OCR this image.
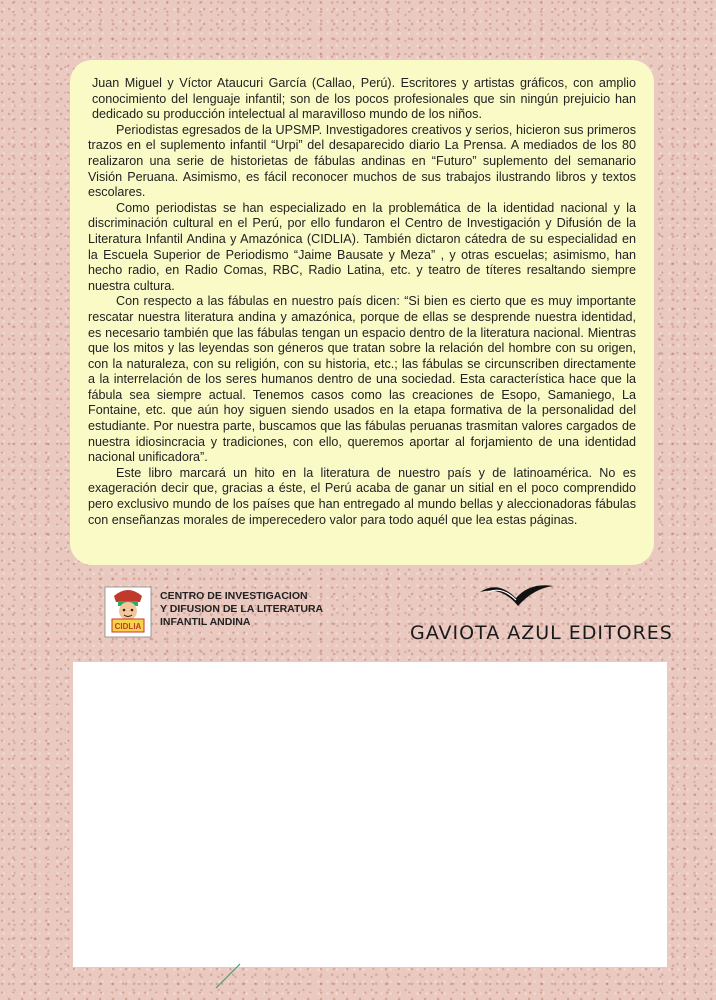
Juan Miguel y Víctor Ataucuri García (Callao, Perú). Escritores y artistas gráficos, con amplio conocimiento del lenguaje infantil; son de los pocos profesionales que sin ningún prejuicio han dedicado su producción intelectual al maravilloso mundo de los niños.

Periodistas egresados de la UPSMP. Investigadores creativos y serios, hicieron sus primeros trazos en el suplemento infantil “Urpi” del desaparecido diario La Prensa. A mediados de los 80 realizaron una serie de historietas de fábulas andinas en “Futuro” suplemento del semanario Visión Peruana. Asimismo, es fácil reconocer muchos de sus trabajos ilustrando libros y textos escolares.

Como periodistas se han especializado en la problemática de la identidad nacional y la discriminación cultural en el Perú, por ello fundaron el Centro de Investigación y Difusión de la Literatura Infantil Andina y Amazónica (CIDLIA). También dictaron cátedra de su especialidad en la Escuela Superior de Periodismo “Jaime Bausate y Meza” , y otras escuelas; asimismo, han hecho radio, en Radio Comas, RBC, Radio Latina, etc. y teatro de títeres resaltando siempre nuestra cultura.

Con respecto a las fábulas en nuestro país dicen: “Si bien es cierto que es muy importante rescatar nuestra literatura andina y amazónica, porque de ellas se desprende nuestra identidad, es necesario también que las fábulas tengan un espacio dentro de la literatura nacional. Mientras que los mitos y las leyendas son géneros que tratan sobre la relación del hombre con su origen, con la naturaleza, con su religión, con su historia, etc.; las fábulas se circunscriben directamente a la interrelación de los seres humanos dentro de una sociedad. Esta característica hace que la fábula sea siempre actual. Tenemos casos como las creaciones de Esopo, Samaniego, La Fontaine, etc. que aún hoy siguen siendo usados en la etapa formativa de la personalidad del estudiante. Por nuestra parte, buscamos que las fábulas peruanas trasmitan valores cargados de nuestra idiosincracia y tradiciones, con ello, queremos aportar al forjamiento de una identidad nacional unificadora”.

Este libro marcará un hito en la literatura de nuestro país y de latinoamérica. No es exageración decir que, gracias a éste, el Perú acaba de ganar un sitial en el poco comprendido pero exclusivo mundo de los países que han entregado al mundo bellas y aleccionadoras fábulas con enseñanzas morales de imperecedero valor para todo aquél que lea estas páginas.

CIDLIA
CENTRO DE INVESTIGACION
Y DIFUSION DE LA LITERATURA
INFANTIL ANDINA	GAVIOTA AZUL EDITORES
